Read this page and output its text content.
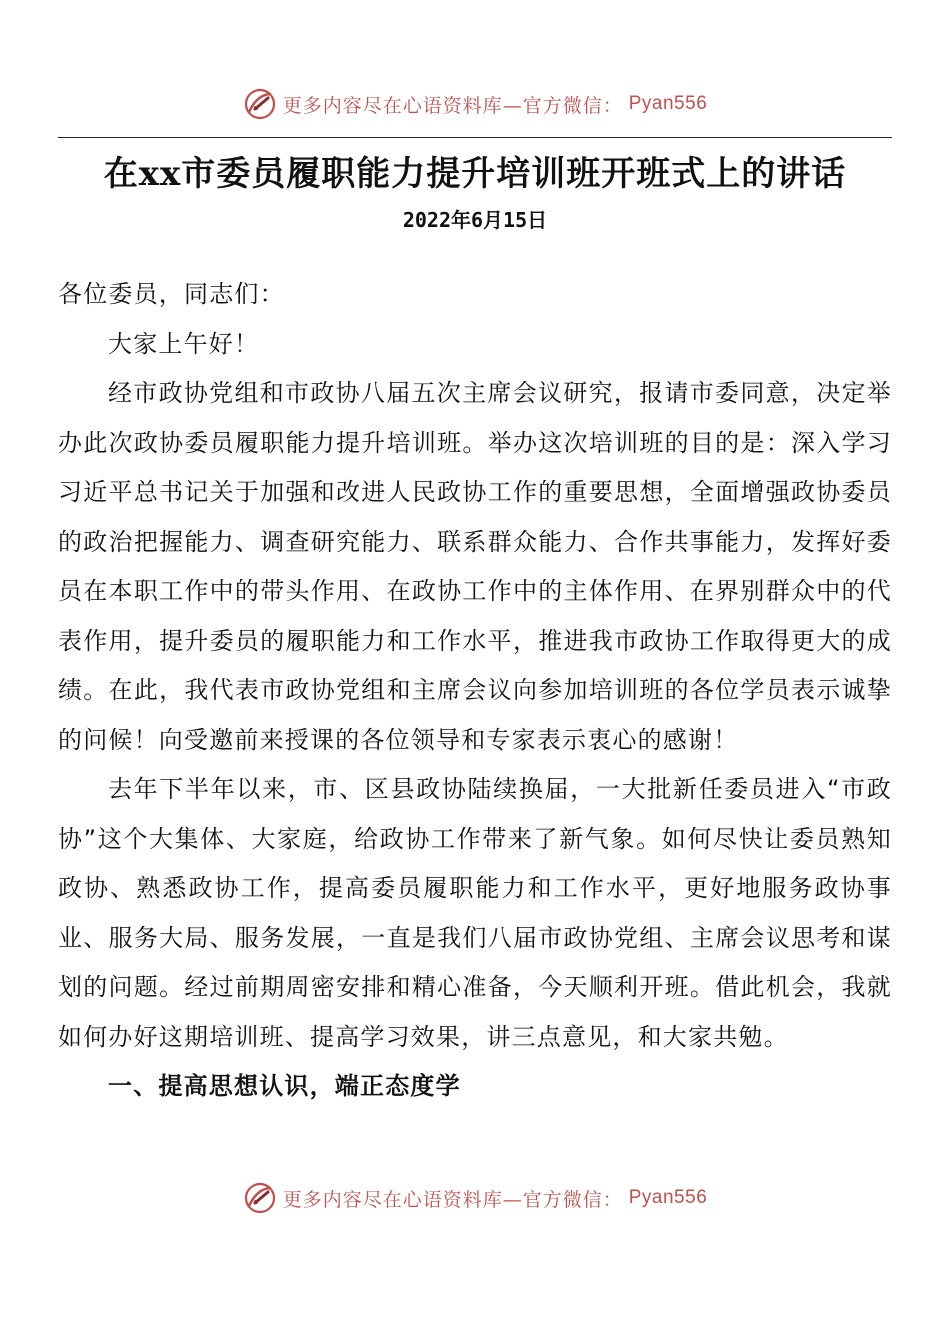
更多内容尽在心语资料库—官方微信： Pyan556
在xx市委员履职能力提升培训班开班式上的讲话
2022年6月15日

各位委员，同志们：

大家上午好！

经市政协党组和市政协八届五次主席会议研究，报请市委同意，决定举办此次政协委员履职能力提升培训班。举办这次培训班的目的是：深入学习习近平总书记关于加强和改进人民政协工作的重要思想，全面增强政协委员的政治把握能力、调查研究能力、联系群众能力、合作共事能力，发挥好委员在本职工作中的带头作用、在政协工作中的主体作用、在界别群众中的代表作用，提升委员的履职能力和工作水平，推进我市政协工作取得更大的成绩。在此，我代表市政协党组和主席会议向参加培训班的各位学员表示诚挚的问候！向受邀前来授课的各位领导和专家表示衷心的感谢！

去年下半年以来，市、区县政协陆续换届，一大批新任委员进入“市政协”这个大集体、大家庭，给政协工作带来了新气象。如何尽快让委员熟知政协、熟悉政协工作，提高委员履职能力和工作水平，更好地服务政协事业、服务大局、服务发展，一直是我们八届市政协党组、主席会议思考和谋划的问题。经过前期周密安排和精心准备，今天顺利开班。借此机会，我就如何办好这期培训班、提高学习效果，讲三点意见，和大家共勉。

一、提高思想认识，端正态度学

更多内容尽在心语资料库—官方微信： Pyan556
